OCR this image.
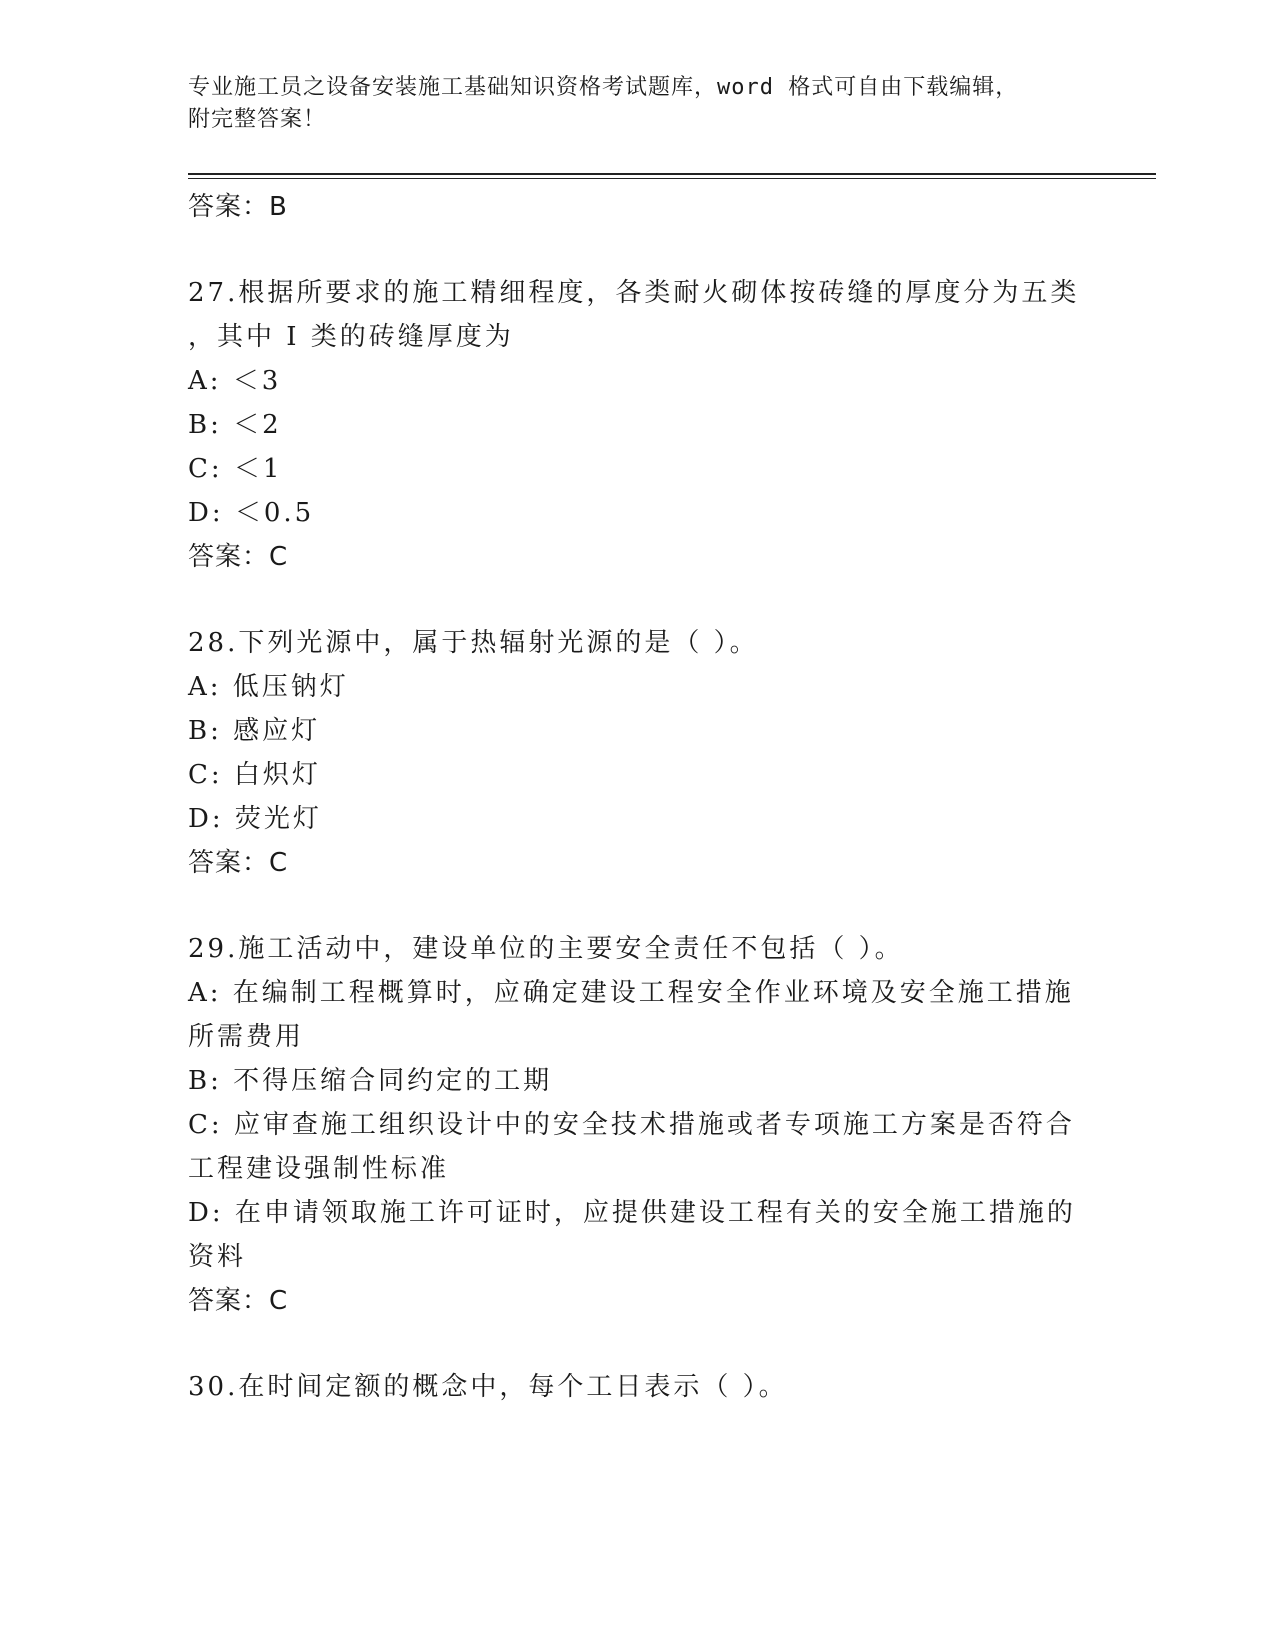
专业施工员之设备安装施工基础知识资格考试题库，word 格式可自由下载编辑，
附完整答案！
答案：B
27.根据所要求的施工精细程度，各类耐火砌体按砖缝的厚度分为五类
，其中 I 类的砖缝厚度为
A: ＜3
B: ＜2
C: ＜1
D: ＜0.5
答案：C
28.下列光源中，属于热辐射光源的是（ ）。
A: 低压钠灯
B: 感应灯
C: 白炽灯
D: 荧光灯
答案：C
29.施工活动中，建设单位的主要安全责任不包括（ ）。
A: 在编制工程概算时，应确定建设工程安全作业环境及安全施工措施
所需费用
B: 不得压缩合同约定的工期
C: 应审查施工组织设计中的安全技术措施或者专项施工方案是否符合
工程建设强制性标准
D: 在申请领取施工许可证时，应提供建设工程有关的安全施工措施的
资料
答案：C
30.在时间定额的概念中，每个工日表示（ ）。
